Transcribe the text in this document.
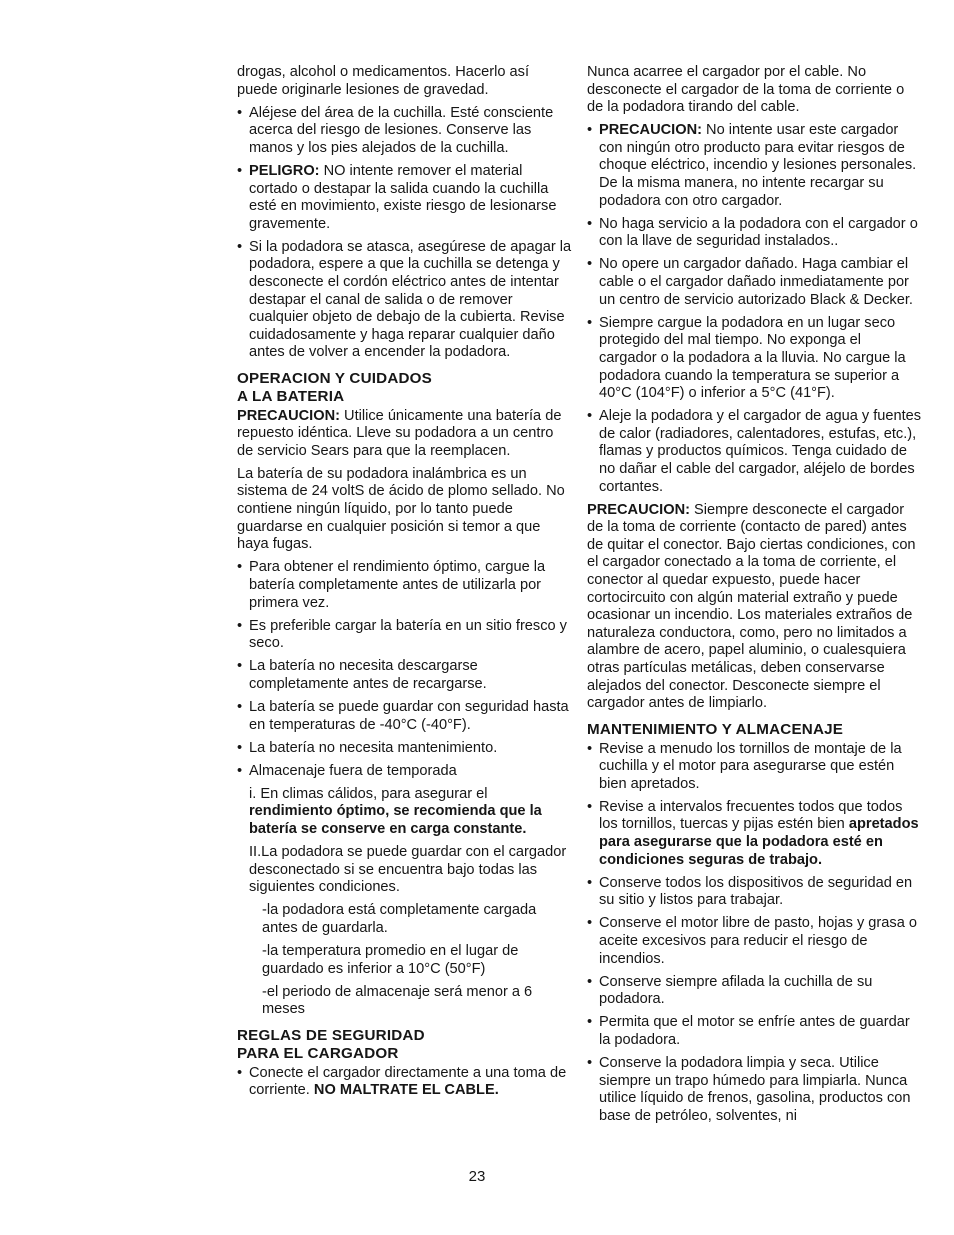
drogas, alcohol o medicamentos. Hacerlo así puede originarle lesiones de gravedad.

• Aléjese del área de la cuchilla. Esté consciente acerca del riesgo de lesiones. Conserve las manos y los pies alejados de la cuchilla.
• PELIGRO: NO intente remover el material cortado o destapar la salida cuando la cuchilla esté en movimiento, existe riesgo de lesionarse gravemente.
• Si la podadora se atasca, asegúrese de apagar la podadora, espere a que la cuchilla se detenga y desconecte el cordón eléctrico antes de intentar destapar el canal de salida o de remover cualquier objeto de debajo de la cubierta. Revise cuidadosamente y haga reparar cualquier daño antes de volver a encender la podadora.
OPERACION Y CUIDADOS
A LA BATERIA

PRECAUCION: Utilice únicamente una batería de repuesto idéntica. Lleve su podadora a un centro de servicio Sears para que la reemplacen.

La batería de su podadora inalámbrica es un sistema de 24 voltS de ácido de plomo sellado. No contiene ningún líquido, por lo tanto puede guardarse en cualquier posición si temor a que haya fugas.

• Para obtener el rendimiento óptimo, cargue la batería completamente antes de utilizarla por primera vez.
• Es preferible cargar la batería en un sitio fresco y seco.
• La batería no necesita descargarse completamente antes de recargarse.
• La batería se puede guardar con seguridad hasta en temperaturas de -40°C (-40°F).
• La batería no necesita mantenimiento.
• Almacenaje fuera de temporada
i. En climas cálidos, para asegurar el
rendimiento óptimo, se recomienda que la batería se conserve en carga constante.
II.La podadora se puede guardar con el cargador desconectado si se encuentra bajo todas las siguientes condiciones.
-la podadora está completamente cargada antes de guardarla.
-la temperatura promedio en el lugar de guardado es inferior a 10°C (50°F)
-el periodo de almacenaje será menor a 6 meses
REGLAS DE SEGURIDAD
PARA EL CARGADOR
• Conecte el cargador directamente a una toma de corriente. NO MALTRATE EL CABLE.

Nunca acarree el cargador por el cable. No desconecte el cargador de la toma de corriente o de la podadora tirando del cable.

• PRECAUCION: No intente usar este cargador con ningún otro producto para evitar riesgos de choque eléctrico, incendio y lesiones personales. De la misma manera, no intente recargar su podadora con otro cargador.
• No haga servicio a la podadora con el cargador o con la llave de seguridad instalados..
• No opere un cargador dañado. Haga cambiar el cable o el cargador dañado inmediatamente por un centro de servicio autorizado Black & Decker.
• Siempre cargue la podadora en un lugar seco protegido del mal tiempo. No exponga el cargador o la podadora a la lluvia. No cargue la podadora cuando la temperatura se superior a 40°C (104°F) o inferior a 5°C (41°F).
• Aleje la podadora y el cargador de agua y fuentes de calor (radiadores, calentadores, estufas, etc.), flamas y productos químicos. Tenga cuidado de no dañar el cable del cargador, aléjelo de bordes cortantes.

PRECAUCION: Siempre desconecte el cargador de la toma de corriente (contacto de pared) antes de quitar el conector. Bajo ciertas condiciones, con el cargador conectado a la toma de corriente, el conector al quedar expuesto, puede hacer cortocircuito con algún material extraño y puede ocasionar un incendio. Los materiales extraños de naturaleza conductora, como, pero no limitados a alambre de acero, papel aluminio, o cualesquiera otras partículas metálicas, deben conservarse alejados del conector. Desconecte siempre el cargador antes de limpiarlo.

MANTENIMIENTO Y ALMACENAJE
• Revise a menudo los tornillos de montaje de la cuchilla y el motor para asegurarse que estén bien apretados.
• Revise a intervalos frecuentes todos que todos los tornillos, tuercas y pijas estén bien apretados para asegurarse que la podadora esté en condiciones seguras de trabajo.
• Conserve todos los dispositivos de seguridad en su sitio y listos para trabajar.
• Conserve el motor libre de pasto, hojas y grasa o aceite excesivos para reducir el riesgo de incendios.
• Conserve siempre afilada la cuchilla de su podadora.
• Permita que el motor se enfríe antes de guardar la podadora.
• Conserve la podadora limpia y seca. Utilice siempre un trapo húmedo para limpiarla. Nunca utilice líquido de frenos, gasolina, productos con base de petróleo, solventes, ni
23
